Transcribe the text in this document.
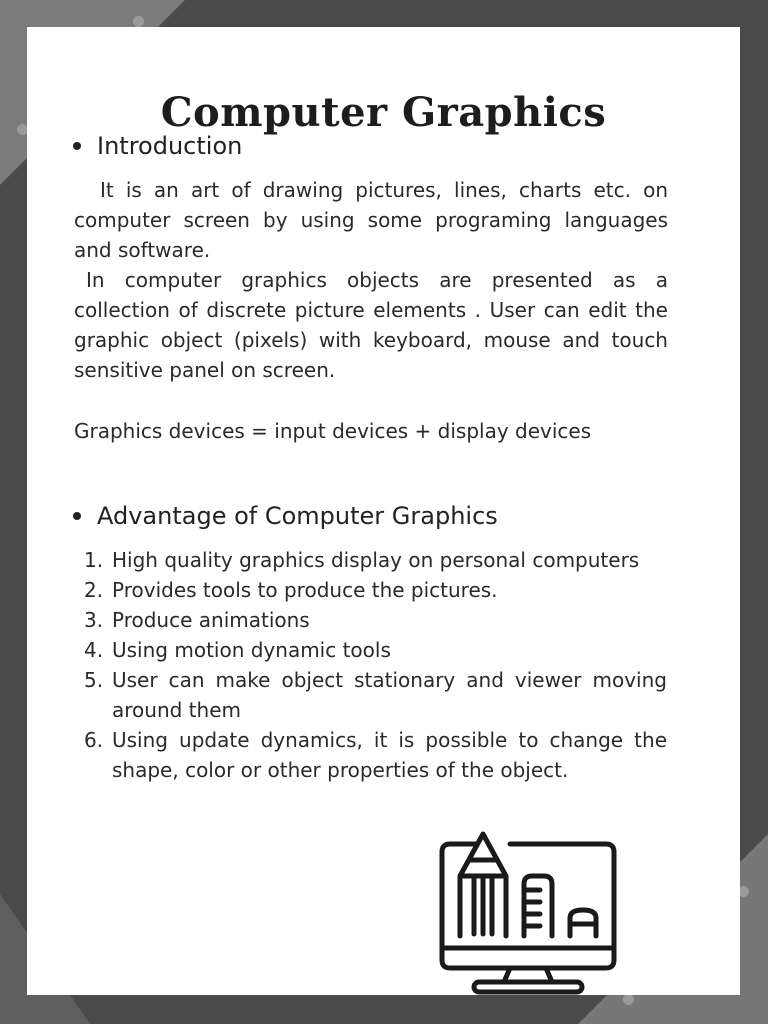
Computer Graphics
Introduction

It is an art of drawing pictures, lines, charts etc. on computer screen by using some programing languages and software.

In computer graphics objects are presented as a collection of discrete picture elements . User can edit the graphic object (pixels) with keyboard, mouse and touch sensitive panel on screen.

Graphics devices = input devices + display devices

Advantage of Computer Graphics
1. High quality graphics display on personal computers
2. Provides tools to produce the pictures.
3. Produce animations
4. Using motion dynamic tools
5. User can make object stationary and viewer moving around them
6. Using update dynamics, it is possible to change the shape, color or other properties of the object.
